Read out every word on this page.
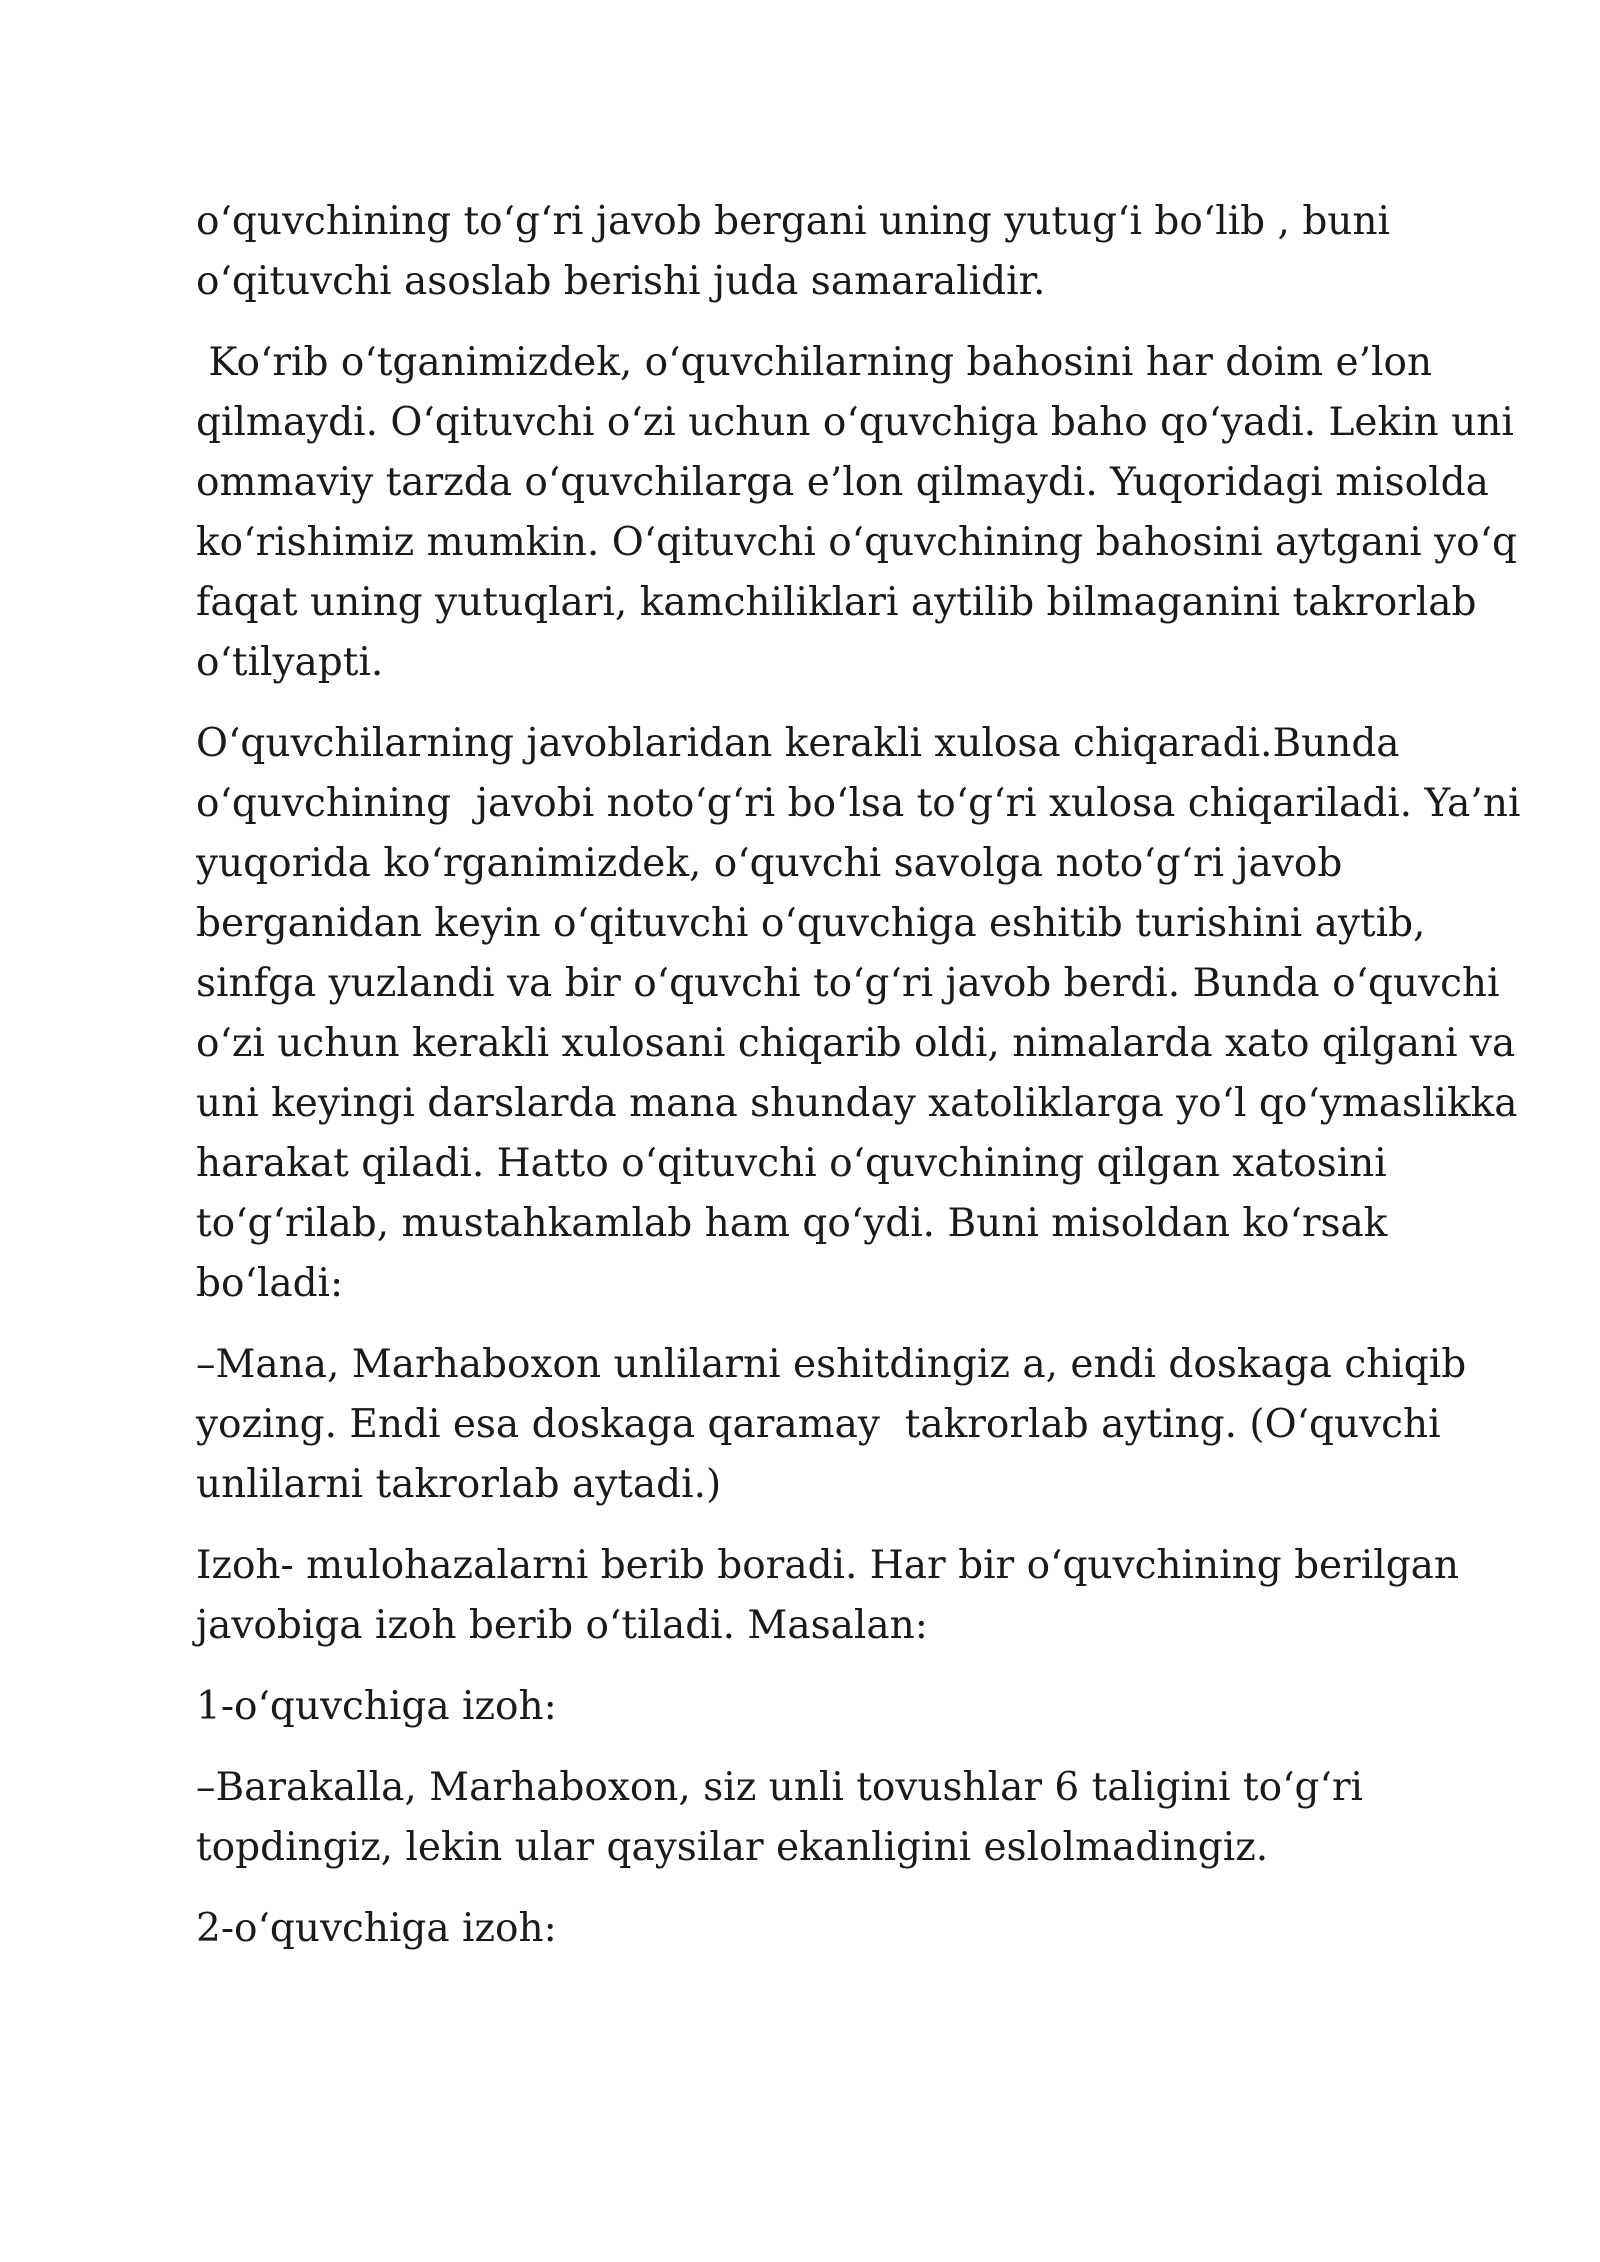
oʻquvchining toʻgʻri javob bergani uning yutugʻi boʻlib , buni
oʻqituvchi asoslab berishi juda samaralidir.

Koʻrib oʻtganimizdek, oʻquvchilarning bahosini har doim e’lon
qilmaydi. Oʻqituvchi oʻzi uchun oʻquvchiga baho qoʻyadi. Lekin uni
ommaviy tarzda oʻquvchilarga e’lon qilmaydi. Yuqoridagi misolda
koʻrishimiz mumkin. Oʻqituvchi oʻquvchining bahosini aytgani yoʻq
faqat uning yutuqlari, kamchiliklari aytilib bilmaganini takrorlab
oʻtilyapti.

Oʻquvchilarning javoblaridan kerakli xulosa chiqaradi.Bunda
oʻquvchining  javobi notoʻgʻri boʻlsa toʻgʻri xulosa chiqariladi. Ya’ni
yuqorida koʻrganimizdek, oʻquvchi savolga notoʻgʻri javob
berganidan keyin oʻqituvchi oʻquvchiga eshitib turishini aytib,
sinfga yuzlandi va bir oʻquvchi toʻgʻri javob berdi. Bunda oʻquvchi
oʻzi uchun kerakli xulosani chiqarib oldi, nimalarda xato qilgani va
uni keyingi darslarda mana shunday xatoliklarga yoʻl qoʻymaslikka
harakat qiladi. Hatto oʻqituvchi oʻquvchining qilgan xatosini
toʻgʻrilab, mustahkamlab ham qoʻydi. Buni misoldan koʻrsak
boʻladi:

–Mana, Marhaboxon unlilarni eshitdingiz a, endi doskaga chiqib
yozing. Endi esa doskaga qaramay  takrorlab ayting. (Oʻquvchi
unlilarni takrorlab aytadi.)

Izoh- mulohazalarni berib boradi. Har bir oʻquvchining berilgan
javobiga izoh berib oʻtiladi. Masalan:

1-oʻquvchiga izoh:

–Barakalla, Marhaboxon, siz unli tovushlar 6 taligini toʻgʻri
topdingiz, lekin ular qaysilar ekanligini eslolmadingiz.

2-oʻquvchiga izoh:
